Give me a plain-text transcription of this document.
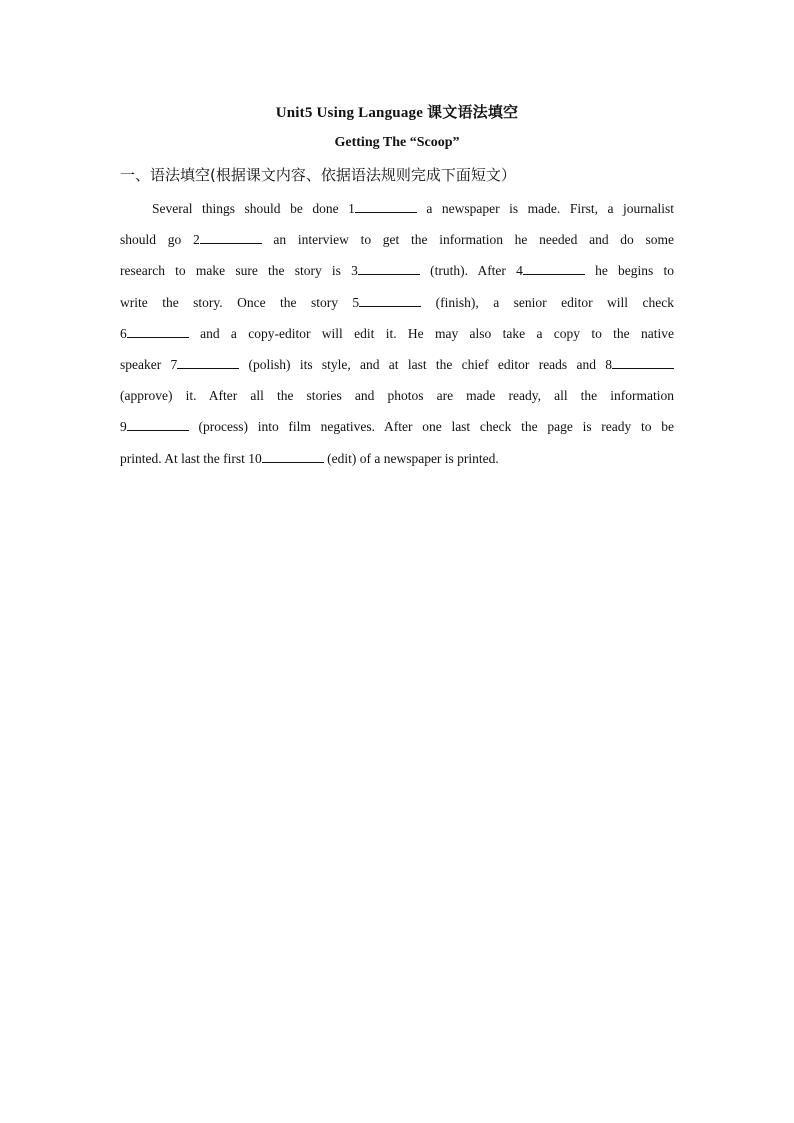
Unit5 Using Language 课文语法填空
Getting The “Scoop”
一、语法填空(根据课文内容、依据语法规则完成下面短文）
Several things should be done 1	a newspaper is made. First, a journalist
should go 2	an interview to get the information he needed and do some
research to make sure the story is 3	(truth). After 4	he begins to
write the story. Once the story 5	(finish), a senior editor will check
6	and a copy-editor will edit it. He may also take a copy to the native
speaker 7	(polish) its style, and at last the chief editor reads and 8
(approve) it. After all the stories and photos are made ready, all the information
9	(process) into film negatives. After one last check the page is ready to be
printed. At last the first 10	(edit) of a newspaper is printed.
